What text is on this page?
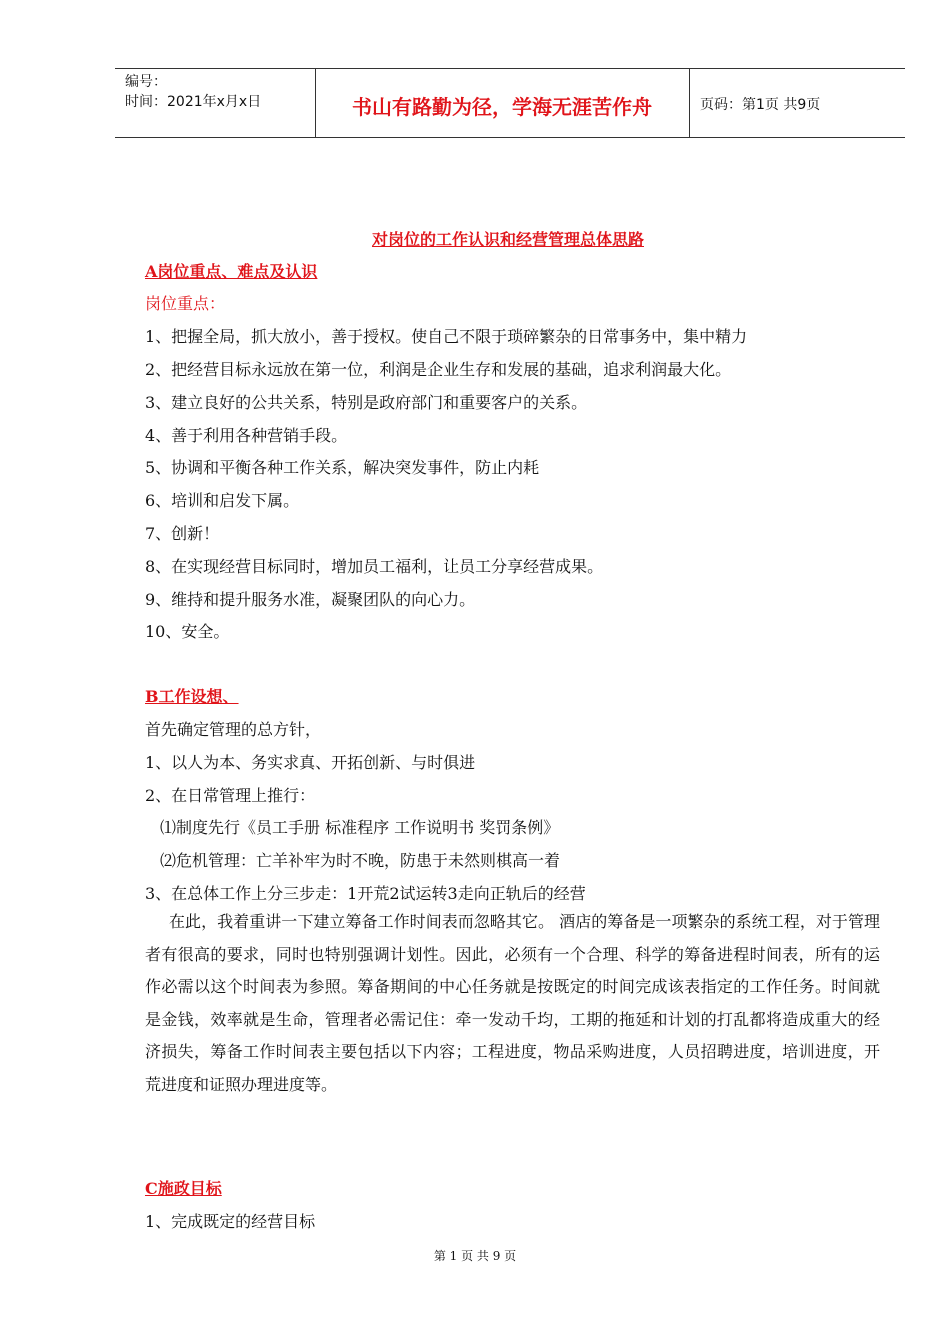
编号：
时间：2021年x月x日	书山有路勤为径，学海无涯苦作舟	页码：第1页 共9页
对岗位的工作认识和经营管理总体思路
A岗位重点、难点及认识
岗位重点：
1、把握全局，抓大放小，善于授权。使自己不限于琐碎繁杂的日常事务中，集中精力
2、把经营目标永远放在第一位，利润是企业生存和发展的基础，追求利润最大化。
3、建立良好的公共关系，特别是政府部门和重要客户的关系。
4、善于利用各种营销手段。
5、协调和平衡各种工作关系，解决突发事件，防止内耗
6、培训和启发下属。
7、创新！
8、在实现经营目标同时，增加员工福利，让员工分享经营成果。
9、维持和提升服务水准，凝聚团队的向心力。
10、安全。
B工作设想、
首先确定管理的总方针，
1、以人为本、务实求真、开拓创新、与时俱进
2、在日常管理上推行：
⑴制度先行《员工手册 标准程序 工作说明书 奖罚条例》
⑵危机管理：亡羊补牢为时不晚，防患于未然则棋高一着
3、在总体工作上分三步走：1开荒2试运转3走向正轨后的经营
在此，我着重讲一下建立筹备工作时间表而忽略其它。 酒店的筹备是一项繁杂的系统工程，对于管理者有很高的要求，同时也特别强调计划性。因此，必须有一个合理、科学的筹备进程时间表，所有的运作必需以这个时间表为参照。筹备期间的中心任务就是按既定的时间完成该表指定的工作任务。时间就是金钱，效率就是生命，管理者必需记住：牵一发动千均，工期的拖延和计划的打乱都将造成重大的经济损失，筹备工作时间表主要包括以下内容；工程进度，物品采购进度，人员招聘进度，培训进度，开荒进度和证照办理进度等。
C施政目标
1、完成既定的经营目标
第 1 页 共 9 页
